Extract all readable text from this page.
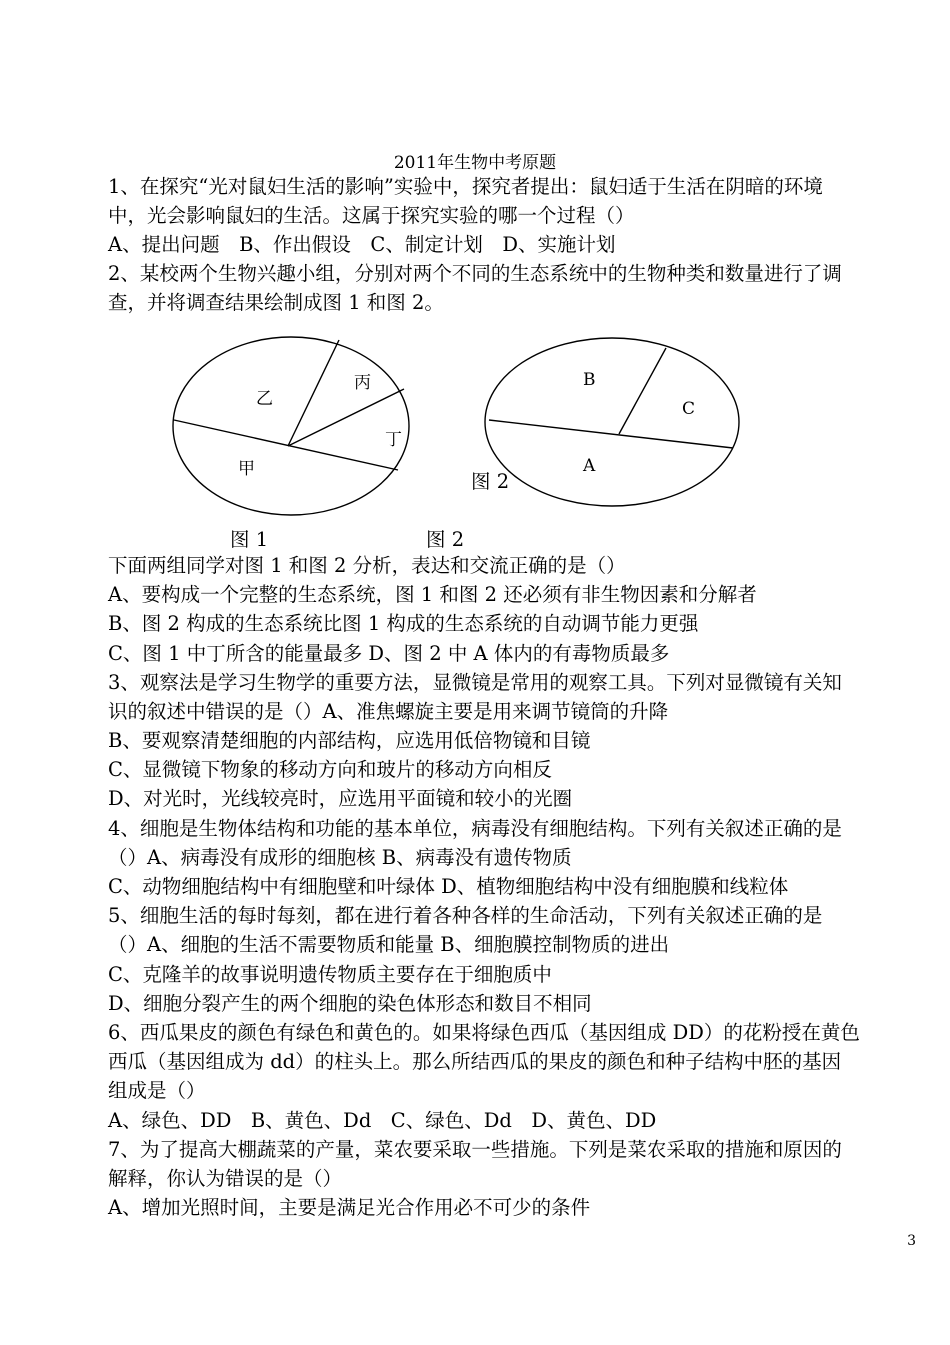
2011年生物中考原题
1、在探究“光对鼠妇生活的影响”实验中，探究者提出：鼠妇适于生活在阴暗的环境
中，光会影响鼠妇的生活。这属于探究实验的哪一个过程（）
A、提出问题　B、作出假设　C、制定计划　D、实施计划
2、某校两个生物兴趣小组，分别对两个不同的生态系统中的生物种类和数量进行了调
查，并将调查结果绘制成图 1 和图 2。
乙
丙
丁
甲
B
C
A
图 2
图 1	图 2
下面两组同学对图 1 和图 2 分析，表达和交流正确的是（）
A、要构成一个完整的生态系统，图 1 和图 2 还必须有非生物因素和分解者
B、图 2 构成的生态系统比图 1 构成的生态系统的自动调节能力更强
C、图 1 中丁所含的能量最多 D、图 2 中 A 体内的有毒物质最多
3、观察法是学习生物学的重要方法，显微镜是常用的观察工具。下列对显微镜有关知
识的叙述中错误的是（）A、准焦螺旋主要是用来调节镜筒的升降
B、要观察清楚细胞的内部结构，应选用低倍物镜和目镜
C、显微镜下物象的移动方向和玻片的移动方向相反
D、对光时，光线较亮时，应选用平面镜和较小的光圈
4、细胞是生物体结构和功能的基本单位，病毒没有细胞结构。下列有关叙述正确的是
（）A、病毒没有成形的细胞核 B、病毒没有遗传物质
C、动物细胞结构中有细胞壁和叶绿体 D、植物细胞结构中没有细胞膜和线粒体
5、细胞生活的每时每刻，都在进行着各种各样的生命活动，下列有关叙述正确的是
（）A、细胞的生活不需要物质和能量 B、细胞膜控制物质的进出
C、克隆羊的故事说明遗传物质主要存在于细胞质中
D、细胞分裂产生的两个细胞的染色体形态和数目不相同
6、西瓜果皮的颜色有绿色和黄色的。如果将绿色西瓜（基因组成 DD）的花粉授在黄色
西瓜（基因组成为 dd）的柱头上。那么所结西瓜的果皮的颜色和种子结构中胚的基因
组成是（）
A、绿色、DD　B、黄色、Dd　C、绿色、Dd　D、黄色、DD
7、为了提高大棚蔬菜的产量，菜农要采取一些措施。下列是菜农采取的措施和原因的
解释，你认为错误的是（）
A、增加光照时间，主要是满足光合作用必不可少的条件
3
